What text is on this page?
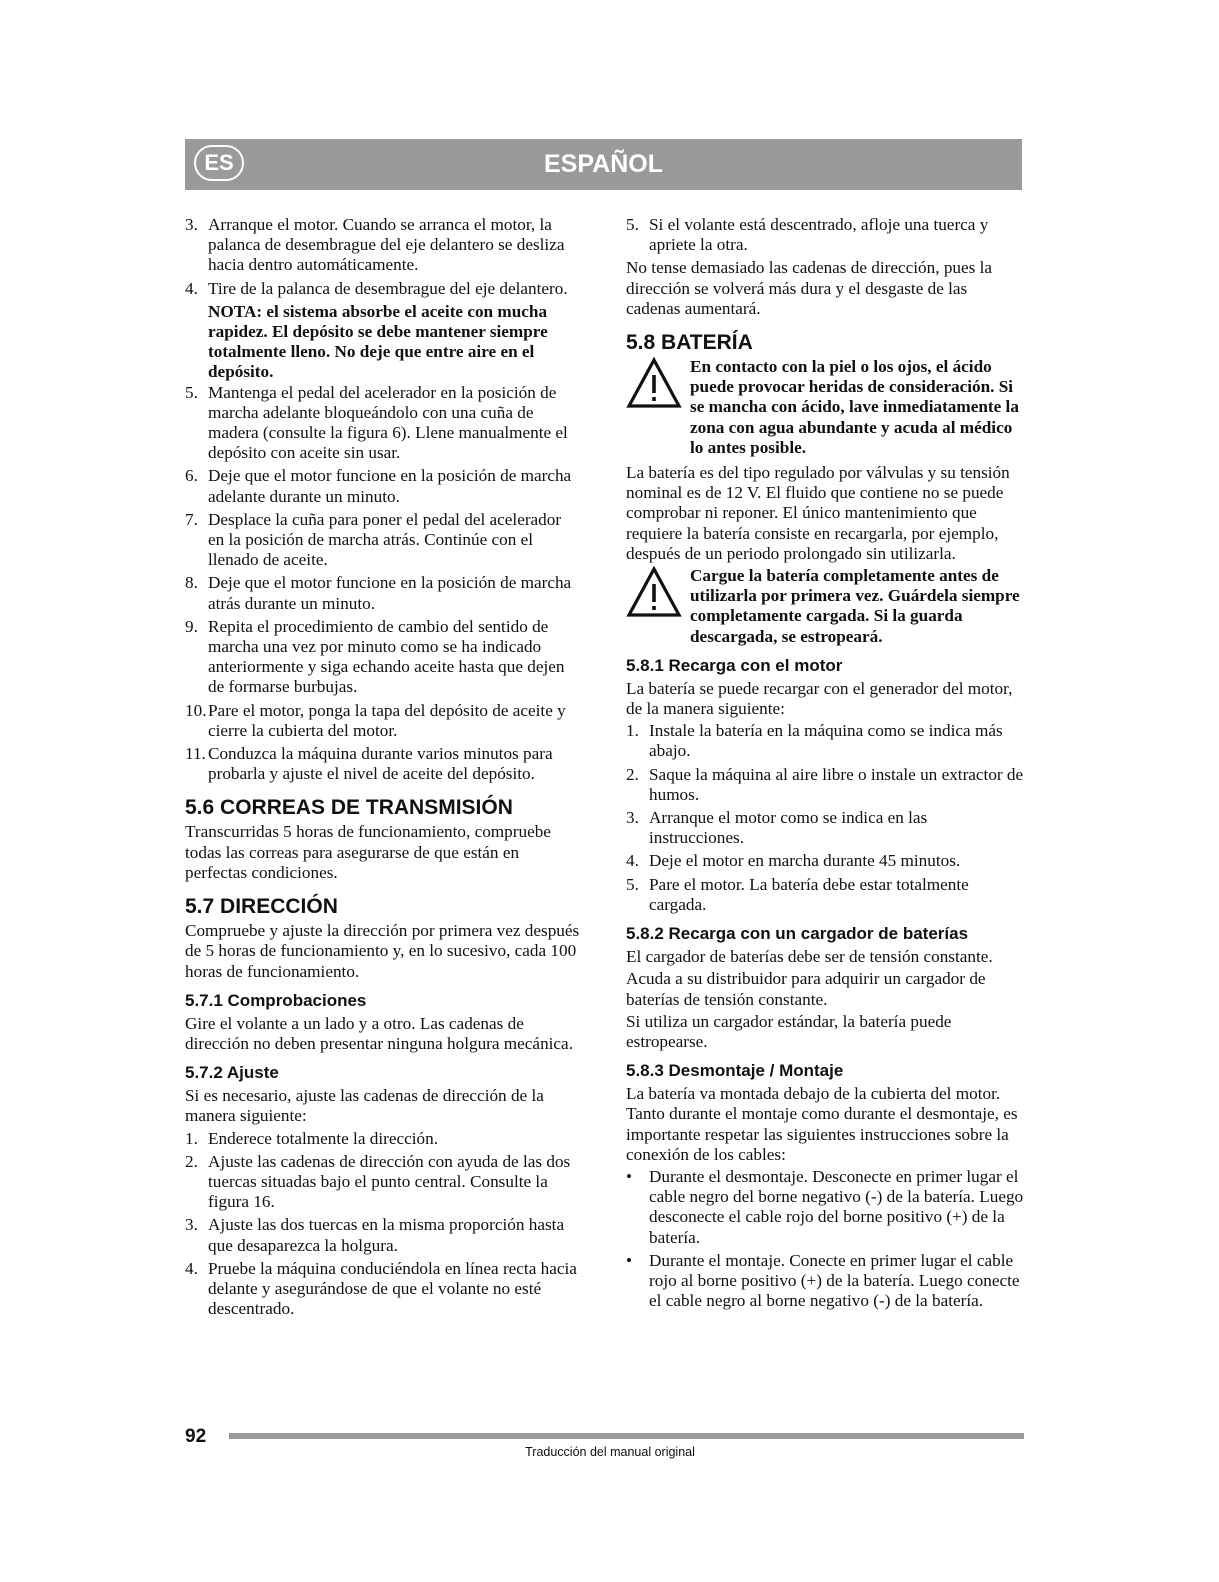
ES	ESPAÑOL
3. Arranque el motor. Cuando se arranca el motor, la palanca de desembrague del eje delantero se desliza hacia dentro automáticamente.
4. Tire de la palanca de desembrague del eje delantero.

NOTA: el sistema absorbe el aceite con mucha rapidez. El depósito se debe mantener siempre totalmente lleno. No deje que entre aire en el depósito.

5. Mantenga el pedal del acelerador en la posición de marcha adelante bloqueándolo con una cuña de madera (consulte la figura 6). Llene manualmente el depósito con aceite sin usar.
6. Deje que el motor funcione en la posición de marcha adelante durante un minuto.
7. Desplace la cuña para poner el pedal del acelerador en la posición de marcha atrás. Continúe con el llenado de aceite.
8. Deje que el motor funcione en la posición de marcha atrás durante un minuto.
9. Repita el procedimiento de cambio del sentido de marcha una vez por minuto como se ha indicado anteriormente y siga echando aceite hasta que dejen de formarse burbujas.
10. Pare el motor, ponga la tapa del depósito de aceite y cierre la cubierta del motor.
11. Conduzca la máquina durante varios minutos para probarla y ajuste el nivel de aceite del depósito.
5.6 CORREAS DE TRANSMISIÓN

Transcurridas 5 horas de funcionamiento, compruebe todas las correas para asegurarse de que están en perfectas condiciones.

5.7 DIRECCIÓN

Compruebe y ajuste la dirección por primera vez después de 5 horas de funcionamiento y, en lo sucesivo, cada 100 horas de funcionamiento.

5.7.1 Comprobaciones

Gire el volante a un lado y a otro. Las cadenas de dirección no deben presentar ninguna holgura mecánica.

5.7.2 Ajuste

Si es necesario, ajuste las cadenas de dirección de la manera siguiente:

1. Enderece totalmente la dirección.
2. Ajuste las cadenas de dirección con ayuda de las dos tuercas situadas bajo el punto central. Consulte la figura 16.
3. Ajuste las dos tuercas en la misma proporción hasta que desaparezca la holgura.
4. Pruebe la máquina conduciéndola en línea recta hacia delante y asegurándose de que el volante no esté descentrado.
5. Si el volante está descentrado, afloje una tuerca y apriete la otra.

No tense demasiado las cadenas de dirección, pues la dirección se volverá más dura y el desgaste de las cadenas aumentará.

5.8 BATERÍA
En contacto con la piel o los ojos, el ácido puede provocar heridas de consideración. Si se mancha con ácido, lave inmediatamente la zona con agua abundante y acuda al médico lo antes posible.

La batería es del tipo regulado por válvulas y su tensión nominal es de 12 V. El fluido que contiene no se puede comprobar ni reponer. El único mantenimiento que requiere la batería consiste en recargarla, por ejemplo, después de un periodo prolongado sin utilizarla.

Cargue la batería completamente antes de utilizarla por primera vez. Guárdela siempre completamente cargada. Si la guarda descargada, se estropeará.
5.8.1 Recarga con el motor

La batería se puede recargar con el generador del motor, de la manera siguiente:

1. Instale la batería en la máquina como se indica más abajo.
2. Saque la máquina al aire libre o instale un extractor de humos.
3. Arranque el motor como se indica en las instrucciones.
4. Deje el motor en marcha durante 45 minutos.
5. Pare el motor. La batería debe estar totalmente cargada.
5.8.2 Recarga con un cargador de baterías

El cargador de baterías debe ser de tensión constante.

Acuda a su distribuidor para adquirir un cargador de baterías de tensión constante.

Si utiliza un cargador estándar, la batería puede estropearse.

5.8.3 Desmontaje / Montaje

La batería va montada debajo de la cubierta del motor. Tanto durante el montaje como durante el desmontaje, es importante respetar las siguientes instrucciones sobre la conexión de los cables:

• Durante el desmontaje. Desconecte en primer lugar el cable negro del borne negativo (-) de la batería. Luego desconecte el cable rojo del borne positivo (+) de la batería.
• Durante el montaje. Conecte en primer lugar el cable rojo al borne positivo (+) de la batería. Luego conecte el cable negro al borne negativo (-) de la batería.
92
Traducción del manual original
